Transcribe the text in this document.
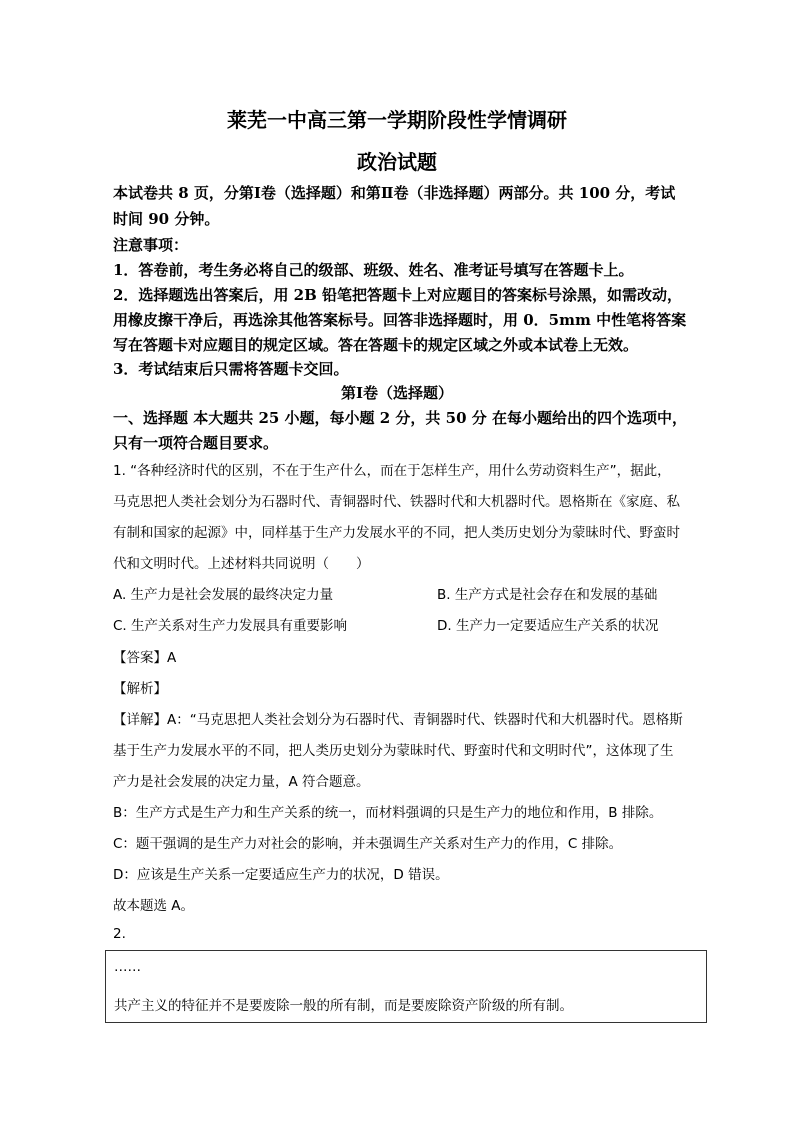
莱芜一中高三第一学期阶段性学情调研
政治试题
本试卷共 8 页，分第Ⅰ卷（选择题）和第Ⅱ卷（非选择题）两部分。共 100 分，考试
时间 90 分钟。
注意事项：
1．答卷前，考生务必将自己的级部、班级、姓名、准考证号填写在答题卡上。
2．选择题选出答案后，用 2B 铅笔把答题卡上对应题目的答案标号涂黑，如需改动，
用橡皮擦干净后，再选涂其他答案标号。回答非选择题时，用 0．5mm 中性笔将答案
写在答题卡对应题目的规定区域。答在答题卡的规定区域之外或本试卷上无效。
3．考试结束后只需将答题卡交回。
第Ⅰ卷（选择题）
一、选择题 本大题共 25 小题，每小题 2 分，共 50 分 在每小题给出的四个选项中，
只有一项符合题目要求。
1. “各种经济时代的区别，不在于生产什么，而在于怎样生产，用什么劳动资料生产”，据此，
马克思把人类社会划分为石器时代、青铜器时代、铁器时代和大机器时代。恩格斯在《家庭、私
有制和国家的起源》中，同样基于生产力发展水平的不同，把人类历史划分为蒙昧时代、野蛮时
代和文明时代。上述材料共同说明（　　）
A. 生产力是社会发展的最终决定力量	B. 生产方式是社会存在和发展的基础
C. 生产关系对生产力发展具有重要影响	D. 生产力一定要适应生产关系的状况
【答案】A
【解析】
【详解】A：“马克思把人类社会划分为石器时代、青铜器时代、铁器时代和大机器时代。恩格斯
基于生产力发展水平的不同，把人类历史划分为蒙昧时代、野蛮时代和文明时代”，这体现了生
产力是社会发展的决定力量，A 符合题意。
B：生产方式是生产力和生产关系的统一，而材料强调的只是生产力的地位和作用，B 排除。
C：题干强调的是生产力对社会的影响，并未强调生产关系对生产力的作用，C 排除。
D：应该是生产关系一定要适应生产力的状况，D 错误。
故本题选 A。
2.
……
共产主义的特征并不是要废除一般的所有制，而是要废除资产阶级的所有制。
